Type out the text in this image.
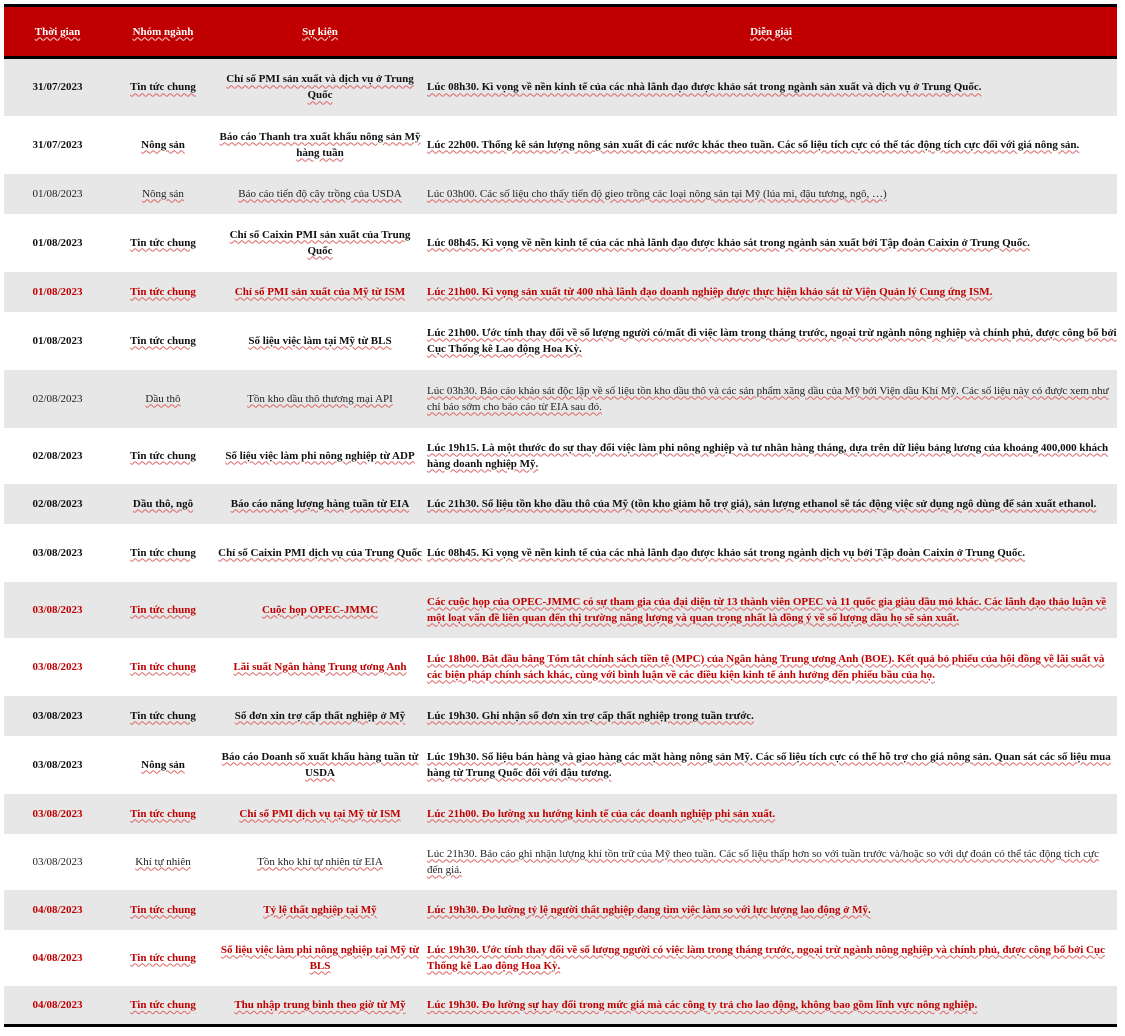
Thời gian	Nhóm ngành	Sự kiện	Diễn giải
31/07/2023	Tin tức chung	Chỉ số PMI sản xuất và dịch vụ ở Trung Quốc	Lúc 08h30. Kì vọng về nền kinh tế của các nhà lãnh đạo được khảo sát trong ngành sản xuất và dịch vụ ở Trung Quốc.
31/07/2023	Nông sản	Báo cáo Thanh tra xuất khẩu nông sản Mỹ hàng tuần	Lúc 22h00. Thống kê sản lượng nông sản xuất đi các nước khác theo tuần. Các số liệu tích cực có thể tác động tích cực đối với giá nông sản.
01/08/2023	Nông sản	Báo cáo tiến độ cây trồng của USDA	Lúc 03h00. Các số liệu cho thấy tiến độ gieo trồng các loại nông sản tại Mỹ (lúa mì, đậu tương, ngô, …)
01/08/2023	Tin tức chung	Chỉ số Caixin PMI sản xuất của Trung Quốc	Lúc 08h45. Kì vọng về nền kinh tế của các nhà lãnh đạo được khảo sát trong ngành sản xuất bởi Tập đoàn Caixin ở Trung Quốc.
01/08/2023	Tin tức chung	Chỉ số PMI sản xuất của Mỹ từ ISM	Lúc 21h00. Kì vọng sản xuất từ 400 nhà lãnh đạo doanh nghiệp được thực hiện khảo sát từ Viện Quản lý Cung ứng ISM.
01/08/2023	Tin tức chung	Số liệu việc làm tại Mỹ từ BLS	Lúc 21h00. Ước tính thay đổi về số lượng người có/mất đi việc làm trong tháng trước, ngoại trừ ngành nông nghiệp và chính phủ, được công bố bởi Cục Thống kê Lao động Hoa Kỳ.
02/08/2023	Dầu thô	Tồn kho dầu thô thương mại API	Lúc 03h30. Báo cáo khảo sát độc lập về số liệu tồn kho dầu thô và các sản phẩm xăng dầu của Mỹ bởi Viện dầu Khí Mỹ. Các số liệu này có được xem như chỉ báo sớm cho báo cáo từ EIA sau đó.
02/08/2023	Tin tức chung	Số liệu việc làm phi nông nghiệp từ ADP	Lúc 19h15. Là một thước đo sự thay đổi việc làm phi nông nghiệp và tư nhân hàng tháng, dựa trên dữ liệu bảng lương của khoảng 400,000 khách hàng doanh nghiệp Mỹ.
02/08/2023	Dầu thô, ngô	Báo cáo năng lượng hàng tuần từ EIA	Lúc 21h30. Số liệu tồn kho dầu thô của Mỹ (tồn kho giảm hỗ trợ giá), sản lượng ethanol sẽ tác động việc sử dụng ngô dùng để sản xuất ethanol.
03/08/2023	Tin tức chung	Chỉ số Caixin PMI dịch vụ của Trung Quốc	Lúc 08h45. Kì vọng về nền kinh tế của các nhà lãnh đạo được khảo sát trong ngành dịch vụ bởi Tập đoàn Caixin ở Trung Quốc.
03/08/2023	Tin tức chung	Cuộc họp OPEC-JMMC	Các cuộc họp của OPEC-JMMC có sự tham gia của đại diện từ 13 thành viên OPEC và 11 quốc gia giàu dầu mỏ khác. Các lãnh đạo thảo luận về một loạt vấn đề liên quan đến thị trường năng lượng và quan trọng nhất là đồng ý về số lượng dầu họ sẽ sản xuất.
03/08/2023	Tin tức chung	Lãi suất Ngân hàng Trung ương Anh	Lúc 18h00. Bắt đầu bằng Tóm tắt chính sách tiền tệ (MPC) của Ngân hàng Trung ương Anh (BOE). Kết quả bỏ phiếu của hội đồng về lãi suất và các biện pháp chính sách khác, cùng với bình luận về các điều kiện kinh tế ảnh hưởng đến phiếu bầu của họ.
03/08/2023	Tin tức chung	Số đơn xin trợ cấp thất nghiệp ở Mỹ	Lúc 19h30. Ghi nhận số đơn xin trợ cấp thất nghiệp trong tuần trước.
03/08/2023	Nông sản	Báo cáo Doanh số xuất khẩu hàng tuần từ USDA	Lúc 19h30. Số liệu bán hàng và giao hàng các mặt hàng nông sản Mỹ. Các số liệu tích cực có thể hỗ trợ cho giá nông sản. Quan sát các số liệu mua hàng từ Trung Quốc đối với đậu tương.
03/08/2023	Tin tức chung	Chỉ số PMI dịch vụ tại Mỹ từ ISM	Lúc 21h00. Đo lường xu hướng kinh tế của các doanh nghiệp phi sản xuất.
03/08/2023	Khí tự nhiên	Tồn kho khí tự nhiên từ EIA	Lúc 21h30. Báo cáo ghi nhận lượng khí tồn trữ của Mỹ theo tuần. Các số liệu thấp hơn so với tuần trước và/hoặc so với dự đoán có thể tác động tích cực đến giá.
04/08/2023	Tin tức chung	Tỷ lệ thất nghiệp tại Mỹ	Lúc 19h30. Đo lường tỷ lệ người thất nghiệp đang tìm việc làm so với lực lượng lao động ở Mỹ.
04/08/2023	Tin tức chung	Số liệu việc làm phi nông nghiệp tại Mỹ từ BLS	Lúc 19h30. Ước tính thay đổi về số lượng người có việc làm trong tháng trước, ngoại trừ ngành nông nghiệp và chính phủ, được công bố bởi Cục Thống kê Lao động Hoa Kỳ.
04/08/2023	Tin tức chung	Thu nhập trung bình theo giờ từ Mỹ	Lúc 19h30. Đo lường sự hay đổi trong mức giá mà các công ty trả cho lao động, không bao gồm lĩnh vực nông nghiệp.
